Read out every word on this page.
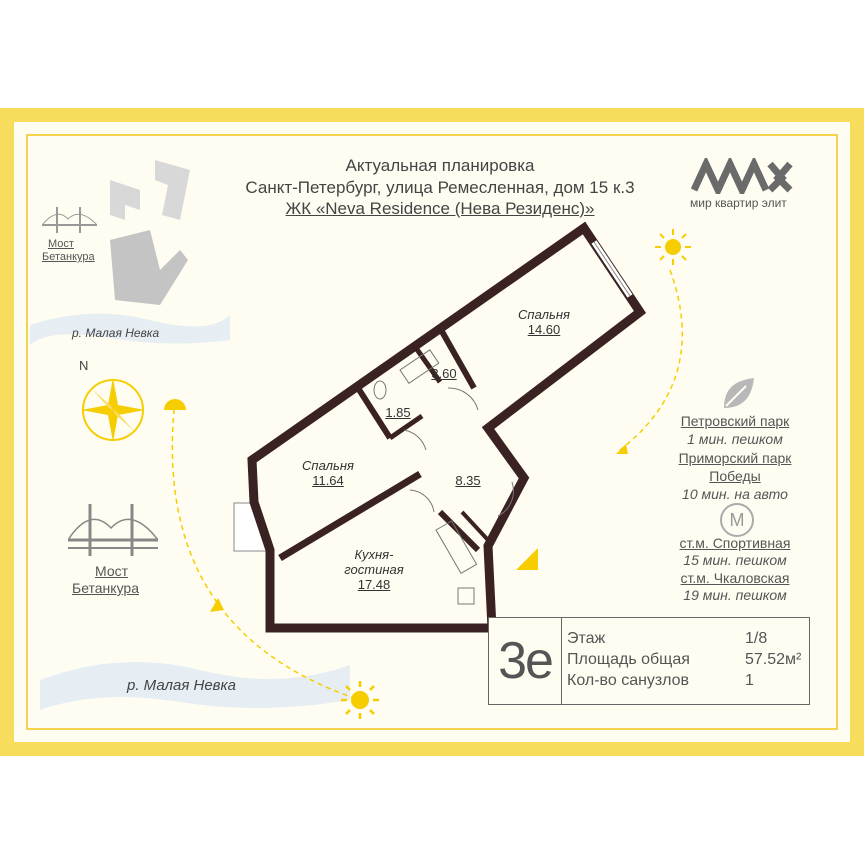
Актуальная планировка
Санкт-Петербург, улица Ремесленная, дом 15 к.3
ЖК «Neva Residence (Нева Резиденс)»	мир квартир элит
Мост
Бетанкура
р. Малая Невка
N
Мост
Бетанкура
р. Малая Невка
Спальня
14.60
3.60
1.85
Спальня
11.64	8.35
Кухня-
гостиная
17.48
Петровский парк
1 мин. пешком
Приморский парк
Победы
10 мин. на авто
М
ст.м. Спортивная
15 мин. пешком
ст.м. Чкаловская
19 мин. пешком
3е Этаж	1/8
Площадь общая	57.52м²
Кол-во санузлов	1
